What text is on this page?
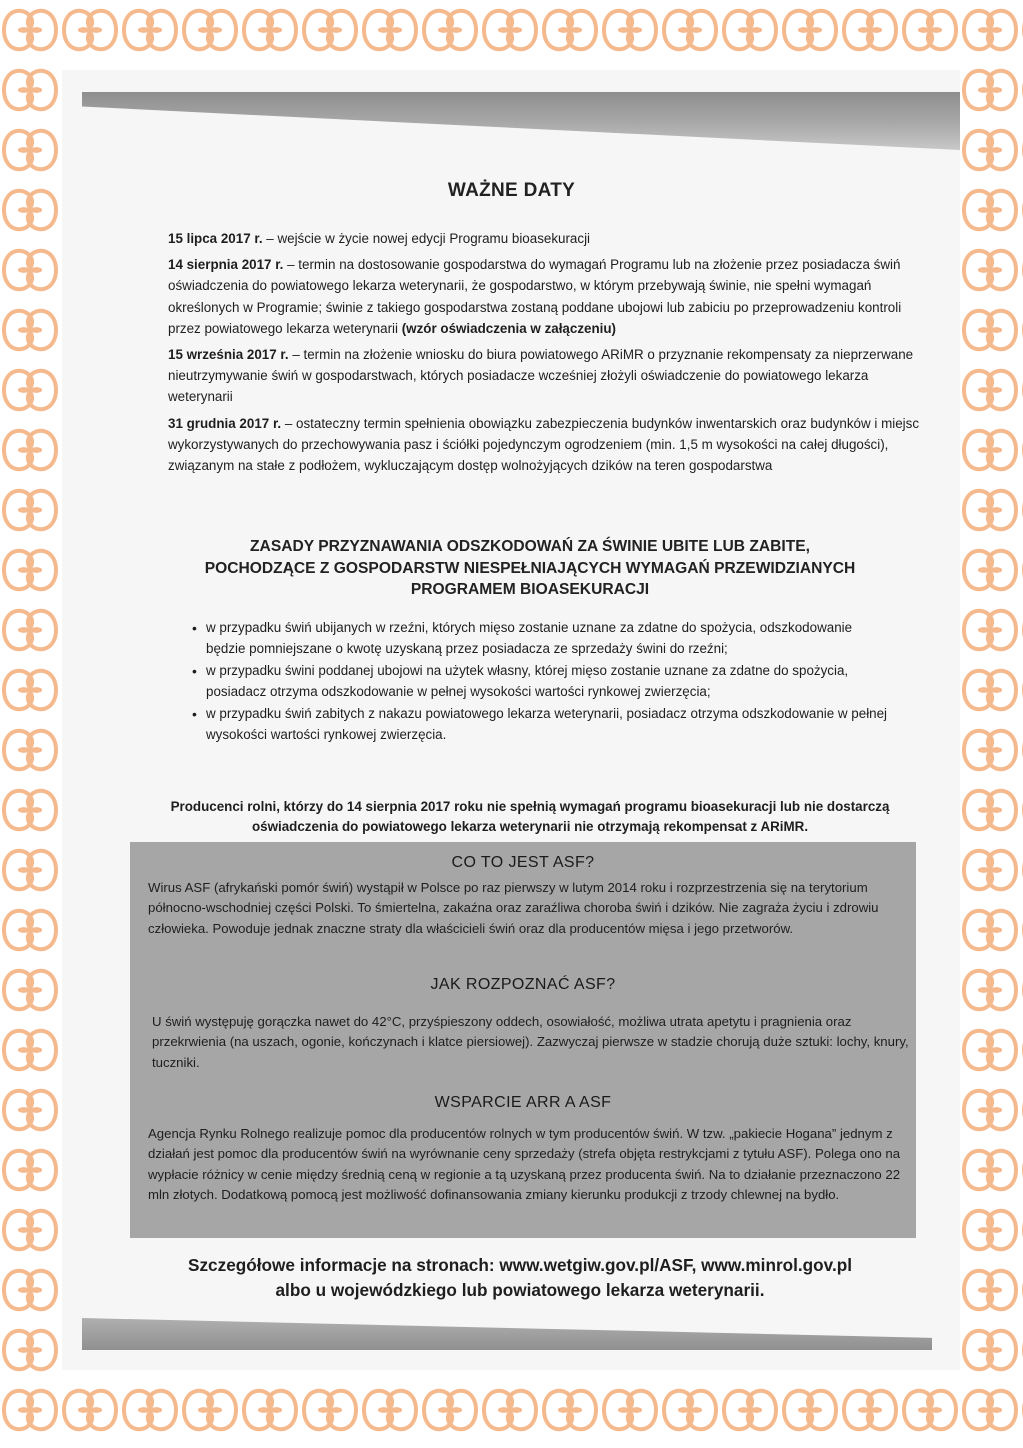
WAŻNE DATY
15 lipca 2017 r. – wejście w życie nowej edycji Programu bioasekuracji
14 sierpnia 2017 r. – termin na dostosowanie gospodarstwa do wymagań Programu lub na złożenie przez posiadacza świń oświadczenia do powiatowego lekarza weterynarii, że gospodarstwo, w którym przebywają świnie, nie spełni wymagań określonych w Programie; świnie z takiego gospodarstwa zostaną poddane ubojowi lub zabiciu po przeprowadzeniu kontroli przez powiatowego lekarza weterynarii (wzór oświadczenia w załączeniu)
15 września 2017 r. – termin na złożenie wniosku do biura powiatowego ARiMR o przyznanie rekompensaty za nieprzerwane nieutrzymywanie świń w gospodarstwach, których posiadacze wcześniej złożyli oświadczenie do powiatowego lekarza weterynarii
31 grudnia 2017 r. – ostateczny termin spełnienia obowiązku zabezpieczenia budynków inwentarskich oraz budynków i miejsc wykorzystywanych do przechowywania pasz i ściółki pojedynczym ogrodzeniem (min. 1,5 m wysokości na całej długości), związanym na stałe z podłożem, wykluczającym dostęp wolnożyjących dzików na teren gospodarstwa
ZASADY PRZYZNAWANIA ODSZKODOWAŃ ZA ŚWINIE UBITE LUB ZABITE,
POCHODZĄCE Z GOSPODARSTW NIESPEŁNIAJĄCYCH WYMAGAŃ PRZEWIDZIANYCH
PROGRAMEM BIOASEKURACJI
• w przypadku świń ubijanych w rzeźni, których mięso zostanie uznane za zdatne do spożycia, odszkodowanie będzie pomniejszane o kwotę uzyskaną przez posiadacza ze sprzedaży świni do rzeźni;
• w przypadku świni poddanej ubojowi na użytek własny, której mięso zostanie uznane za zdatne do spożycia, posiadacz otrzyma odszkodowanie w pełnej wysokości wartości rynkowej zwierzęcia;
• w przypadku świń zabitych z nakazu powiatowego lekarza weterynarii, posiadacz otrzyma odszkodowanie w pełnej wysokości wartości rynkowej zwierzęcia.
Producenci rolni, którzy do 14 sierpnia 2017 roku nie spełnią wymagań programu bioasekuracji lub nie dostarczą oświadczenia do powiatowego lekarza weterynarii nie otrzymają rekompensat z ARiMR.
CO TO JEST ASF?
Wirus ASF (afrykański pomór świń) wystąpił w Polsce po raz pierwszy w lutym 2014 roku i rozprzestrzenia się na terytorium północno-wschodniej części Polski. To śmiertelna, zakaźna oraz zaraźliwa choroba świń i dzików. Nie zagraża życiu i zdrowiu człowieka. Powoduje jednak znaczne straty dla właścicieli świń oraz dla producentów mięsa i jego przetworów.
JAK ROZPOZNAĆ ASF?
U świń występuję gorączka nawet do 42°C, przyśpieszony oddech, osowiałość, możliwa utrata apetytu i pragnienia oraz przekrwienia (na uszach, ogonie, kończynach i klatce piersiowej). Zazwyczaj pierwsze w stadzie chorują duże sztuki: lochy, knury, tuczniki.
WSPARCIE ARR A ASF
Agencja Rynku Rolnego realizuje pomoc dla producentów rolnych w tym producentów świń. W tzw. „pakiecie Hogana” jednym z działań jest pomoc dla producentów świń na wyrównanie ceny sprzedaży (strefa objęta restrykcjami z tytułu ASF). Polega ono na wypłacie różnicy w cenie między średnią ceną w regionie a tą uzyskaną przez producenta świń. Na to działanie przeznaczono 22 mln złotych. Dodatkową pomocą jest możliwość dofinansowania zmiany kierunku produkcji z trzody chlewnej na bydło.
Szczegółowe informacje na stronach: www.wetgiw.gov.pl/ASF, www.minrol.gov.pl
albo u wojewódzkiego lub powiatowego lekarza weterynarii.
